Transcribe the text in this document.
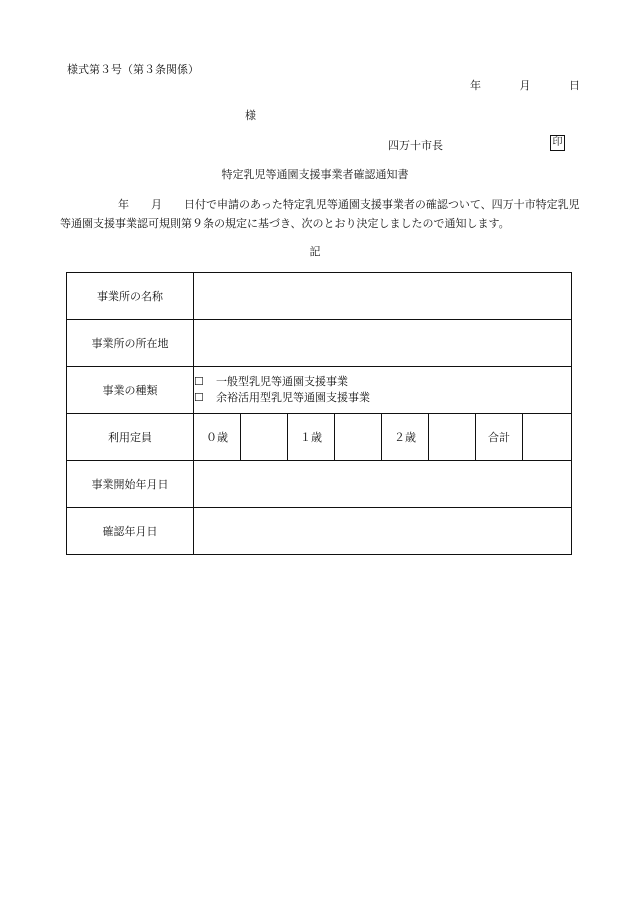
様式第３号（第３条関係）
年	月	日
様
四万十市長	印
特定乳児等通園支援事業者確認通知書
年 月 日付で申請のあった特定乳児等通園支援事業者の確認ついて、四万十市特定乳児等通園支援事業認可規則第９条の規定に基づき、次のとおり決定しましたので通知します。
記
事業所の名称								
事業所の所在地								
事業の種類	☐ 一般型乳児等通園支援事業
☐ 余裕活用型乳児等通園支援事業							

利用定員	０歳		１歳		２歳		合計	
事業開始年月日								
確認年月日								
